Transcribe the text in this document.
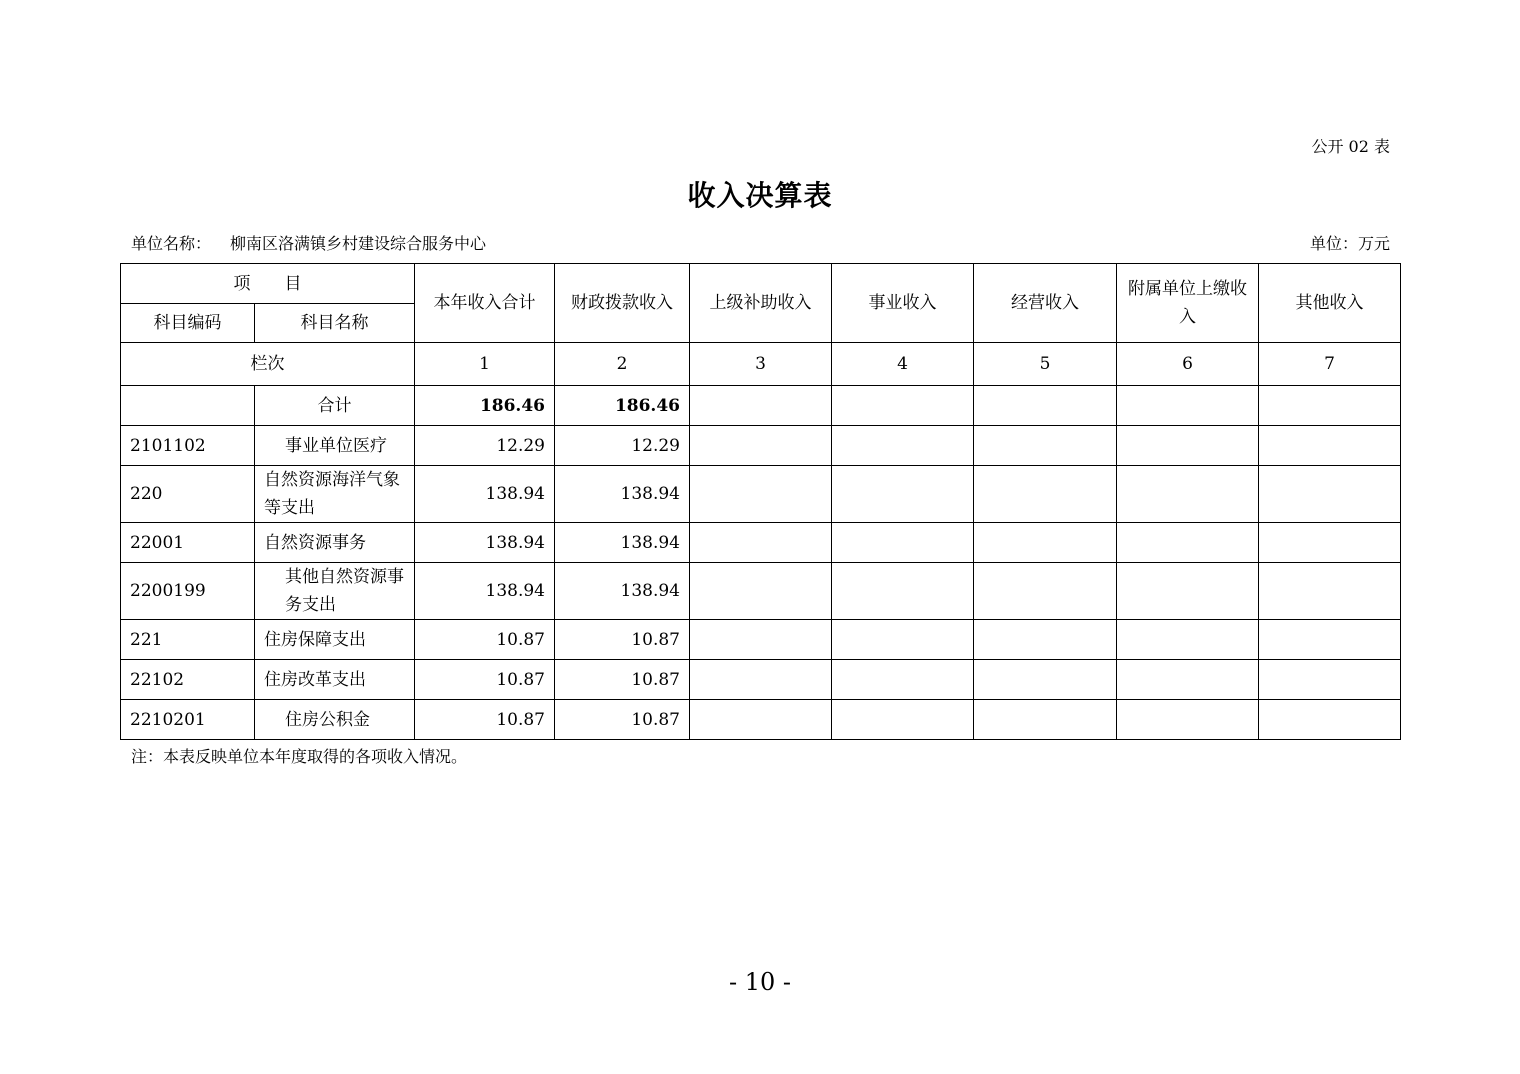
公开 02 表
收入决算表
单位名称： 柳南区洛满镇乡村建设综合服务中心	单位：万元
项　　目		本年收入合计	财政拨款收入	上级补助收入	事业收入	经营收入	附属单位上缴收入	其他收入
科目编码	科目名称							
栏次		1	2	3	4	5	6	7
	合计	186.46	186.46					
2101102	事业单位医疗	12.29	12.29					
220	自然资源海洋气象等支出	138.94	138.94					
22001	自然资源事务	138.94	138.94					
2200199	其他自然资源事务支出	138.94	138.94					
221	住房保障支出	10.87	10.87					
22102	住房改革支出	10.87	10.87					
2210201	住房公积金	10.87	10.87					
注：本表反映单位本年度取得的各项收入情况。
- 10 -
